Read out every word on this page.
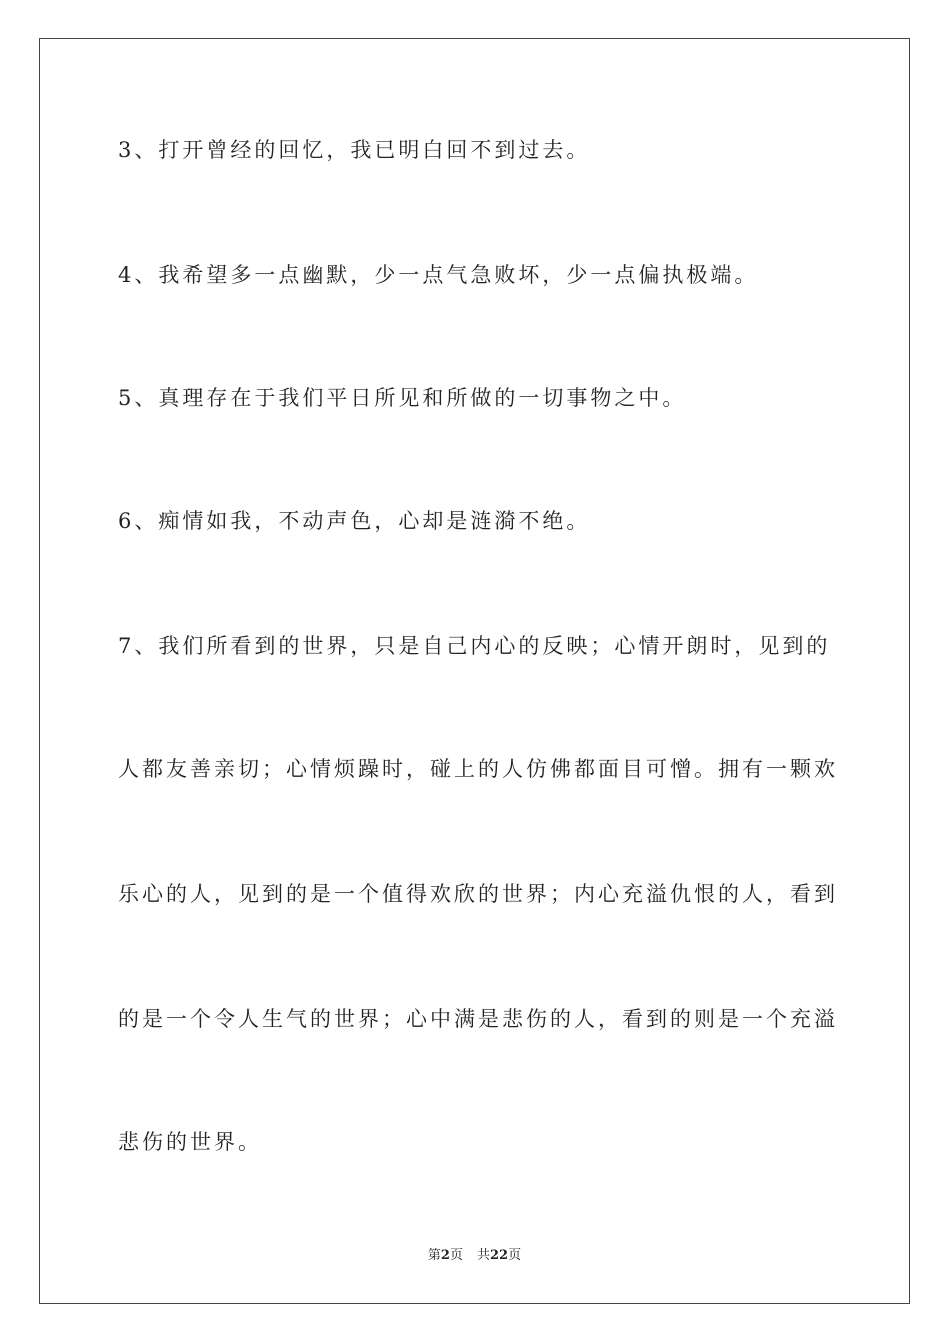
3、打开曾经的回忆，我已明白回不到过去。

4、我希望多一点幽默，少一点气急败坏，少一点偏执极端。

5、真理存在于我们平日所见和所做的一切事物之中。

6、痴情如我，不动声色，心却是涟漪不绝。

7、我们所看到的世界，只是自己内心的反映；心情开朗时，见到的

人都友善亲切；心情烦躁时，碰上的人仿佛都面目可憎。拥有一颗欢

乐心的人，见到的是一个值得欢欣的世界；内心充溢仇恨的人，看到

的是一个令人生气的世界；心中满是悲伤的人，看到的则是一个充溢

悲伤的世界。

第2页 共22页
